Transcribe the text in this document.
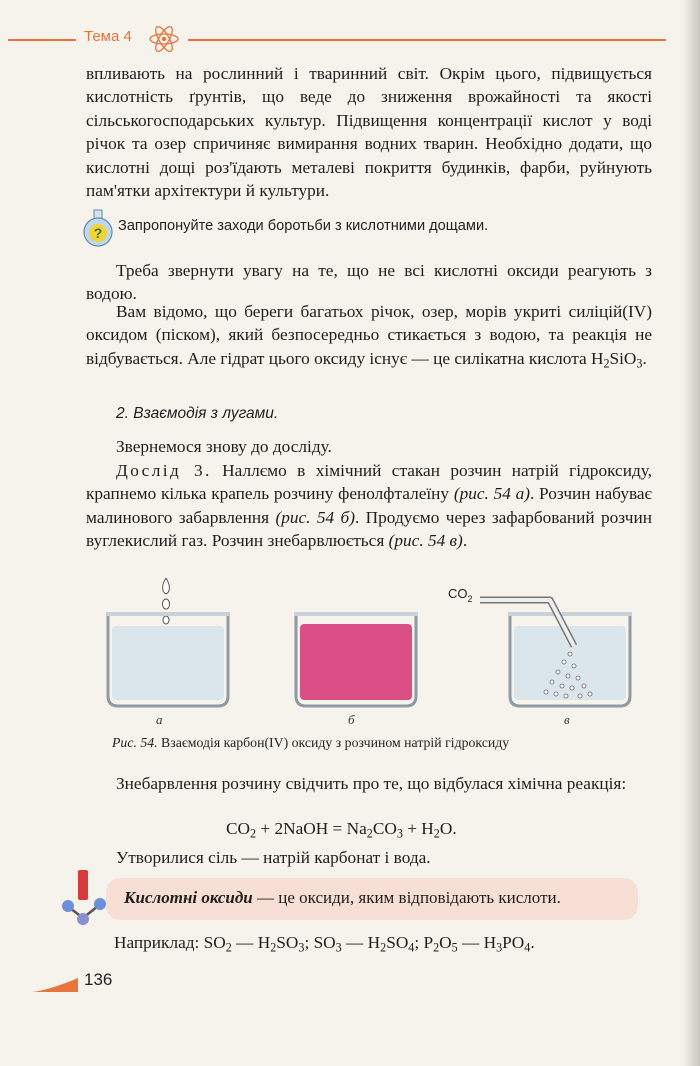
Тема 4

впливають на рослинний і тваринний світ. Окрім цього, підвищується кислотність ґрунтів, що веде до зниження врожайності та якості сільськогосподарських культур. Підвищення концентрації кислот у воді річок та озер спричиняє вимирання водних тварин. Необхідно додати, що кислотні дощі роз'їдають металеві покриття будинків, фарби, руйнують пам'ятки архітектури й культури.

? Запропонуйте заходи боротьби з кислотними дощами.

Треба звернути увагу на те, що не всі кислотні оксиди реагують з водою.

Вам відомо, що береги багатьох річок, озер, морів укриті силіцій(IV) оксидом (піском), який безпосередньо стикається з водою, та реакція не відбувається. Але гідрат цього оксиду існує — це силікатна кислота $H_2SiO_3$.

2. Взаємодія з лугами.

Звернемося знову до досліду.

Дослід 3. Наллємо в хімічний стакан розчин натрій гідроксиду, крапнемо кілька крапель розчину фенолфталеїну (рис. 54 а). Розчин набуває малинового забарвлення (рис. 54 б). Продуємо через зафарбований розчин вуглекислий газ. Розчин знебарвлюється (рис. 54 в).

$CO_2$
а	б	в
Рис. 54. Взаємодія карбон(IV) оксиду з розчином натрій гідроксиду

Знебарвлення розчину свідчить про те, що відбулася хімічна реакція:

$CO_2$ + 2NaOH = $Na_2CO_3 + H_2O$.

Утворилися сіль — натрій карбонат і вода.

Кислотні оксиди — це оксиди, яким відповідають кислоти.
Наприклад: $SO_2$ — $H_2SO_3$; $SO_3$ — $H_2SO_4$; $P_2O_5$ — $H_3PO_4$.
136
